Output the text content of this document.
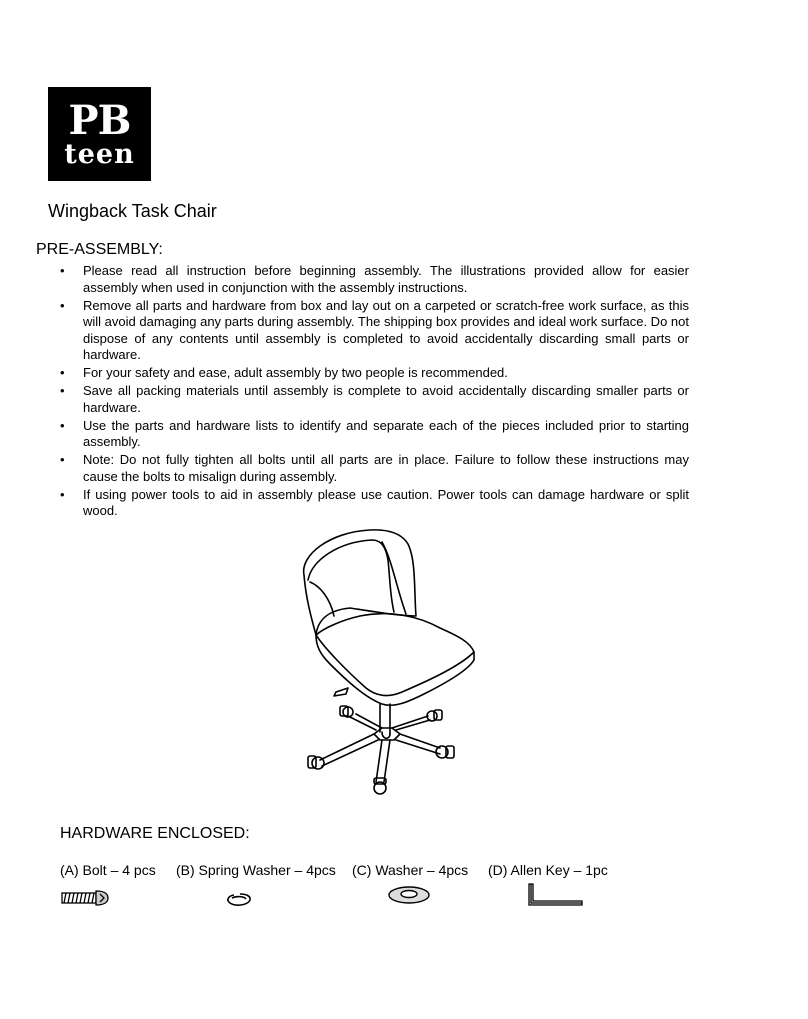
PB
teen
Wingback Task Chair
PRE-ASSEMBLY:
• Please read all instruction before beginning assembly. The illustrations provided allow for easier assembly when used in conjunction with the assembly instructions.
• Remove all parts and hardware from box and lay out on a carpeted or scratch-free work surface, as this will avoid damaging any parts during assembly. The shipping box provides and ideal work surface. Do not dispose of any contents until assembly is completed to avoid accidentally discarding small parts or hardware.
• For your safety and ease, adult assembly by two people is recommended.
• Save all packing materials until assembly is complete to avoid accidentally discarding smaller parts or hardware.
• Use the parts and hardware lists to identify and separate each of the pieces included prior to starting assembly.
• Note: Do not fully tighten all bolts until all parts are in place. Failure to follow these instructions may cause the bolts to misalign during assembly.
• If using power tools to aid in assembly please use caution. Power tools can damage hardware or split wood.
HARDWARE ENCLOSED:
(A) Bolt – 4 pcs (B) Spring Washer – 4pcs (C) Washer – 4pcs (D) Allen Key – 1pc
